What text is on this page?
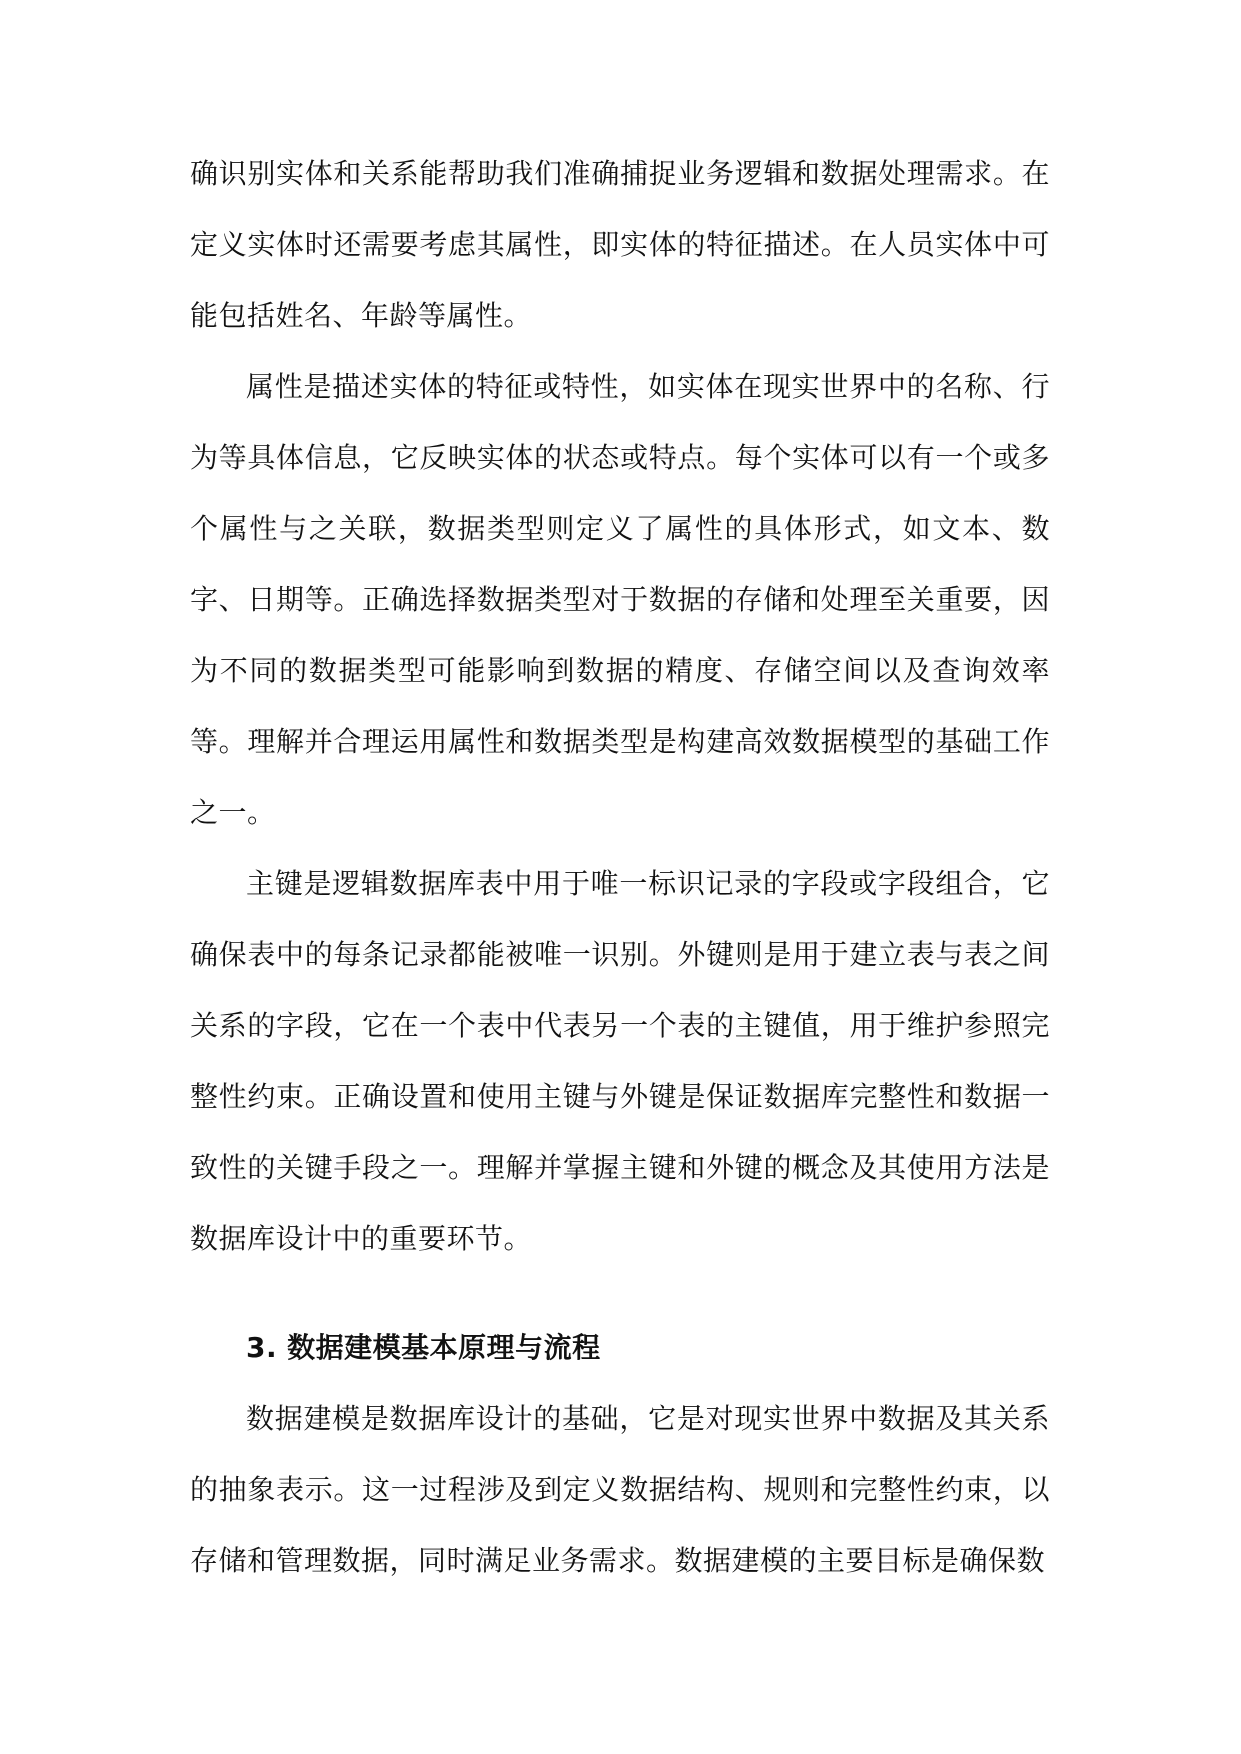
确识别实体和关系能帮助我们准确捕捉业务逻辑和数据处理需求。在定义实体时还需要考虑其属性，即实体的特征描述。在人员实体中可能包括姓名、年龄等属性。

属性是描述实体的特征或特性，如实体在现实世界中的名称、行为等具体信息，它反映实体的状态或特点。每个实体可以有一个或多个属性与之关联，数据类型则定义了属性的具体形式，如文本、数字、日期等。正确选择数据类型对于数据的存储和处理至关重要，因为不同的数据类型可能影响到数据的精度、存储空间以及查询效率等。理解并合理运用属性和数据类型是构建高效数据模型的基础工作之一。

主键是逻辑数据库表中用于唯一标识记录的字段或字段组合，它确保表中的每条记录都能被唯一识别。外键则是用于建立表与表之间关系的字段，它在一个表中代表另一个表的主键值，用于维护参照完整性约束。正确设置和使用主键与外键是保证数据库完整性和数据一致性的关键手段之一。理解并掌握主键和外键的概念及其使用方法是数据库设计中的重要环节。

3. 数据建模基本原理与流程

数据建模是数据库设计的基础，它是对现实世界中数据及其关系的抽象表示。这一过程涉及到定义数据结构、规则和完整性约束，以存储和管理数据，同时满足业务需求。数据建模的主要目标是确保数
